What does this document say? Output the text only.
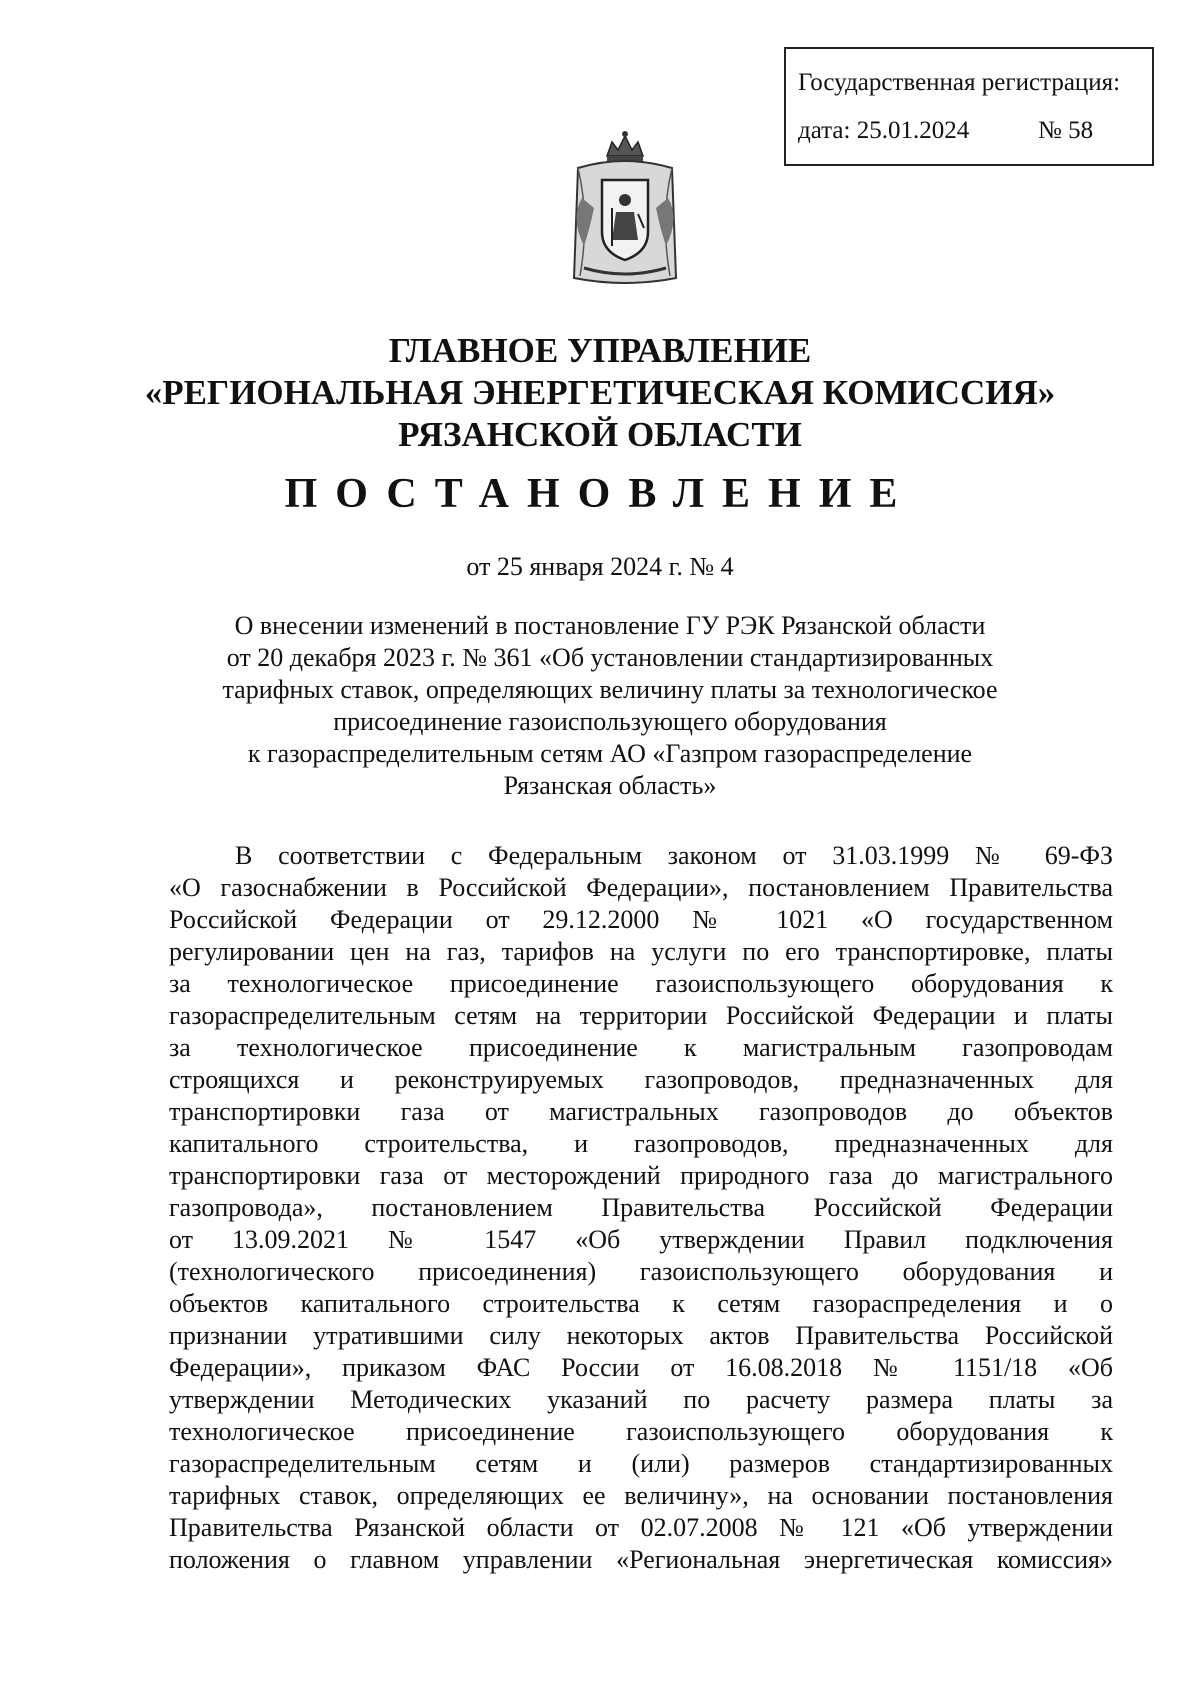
Государственная регистрация:
дата: 25.01.2024	№ 58
ГЛАВНОЕ УПРАВЛЕНИЕ
«РЕГИОНАЛЬНАЯ ЭНЕРГЕТИЧЕСКАЯ КОМИССИЯ»
РЯЗАНСКОЙ ОБЛАСТИ
ПОСТАНОВЛЕНИЕ
от 25 января 2024 г. № 4
О внесении изменений в постановление ГУ РЭК Рязанской области
от 20 декабря 2023 г. № 361 «Об установлении стандартизированных
тарифных ставок, определяющих величину платы за технологическое
присоединение газоиспользующего оборудования
к газораспределительным сетям АО «Газпром газораспределение
Рязанская область»
В соответствии с Федеральным законом от 31.03.1999 № 69-ФЗ
«О газоснабжении в Российской Федерации», постановлением Правительства
Российской Федерации от 29.12.2000 № 1021 «О государственном
регулировании цен на газ, тарифов на услуги по его транспортировке, платы
за технологическое присоединение газоиспользующего оборудования к
газораспределительным сетям на территории Российской Федерации и платы
за технологическое присоединение к магистральным газопроводам
строящихся и реконструируемых газопроводов, предназначенных для
транспортировки газа от магистральных газопроводов до объектов
капитального строительства, и газопроводов, предназначенных для
транспортировки газа от месторождений природного газа до магистрального
газопровода», постановлением Правительства Российской Федерации
от 13.09.2021 № 1547 «Об утверждении Правил подключения
(технологического присоединения) газоиспользующего оборудования и
объектов капитального строительства к сетям газораспределения и о
признании утратившими силу некоторых актов Правительства Российской
Федерации», приказом ФАС России от 16.08.2018 № 1151/18 «Об
утверждении Методических указаний по расчету размера платы за
технологическое присоединение газоиспользующего оборудования к
газораспределительным сетям и (или) размеров стандартизированных
тарифных ставок, определяющих ее величину», на основании постановления
Правительства Рязанской области от 02.07.2008 № 121 «Об утверждении
положения о главном управлении «Региональная энергетическая комиссия»
